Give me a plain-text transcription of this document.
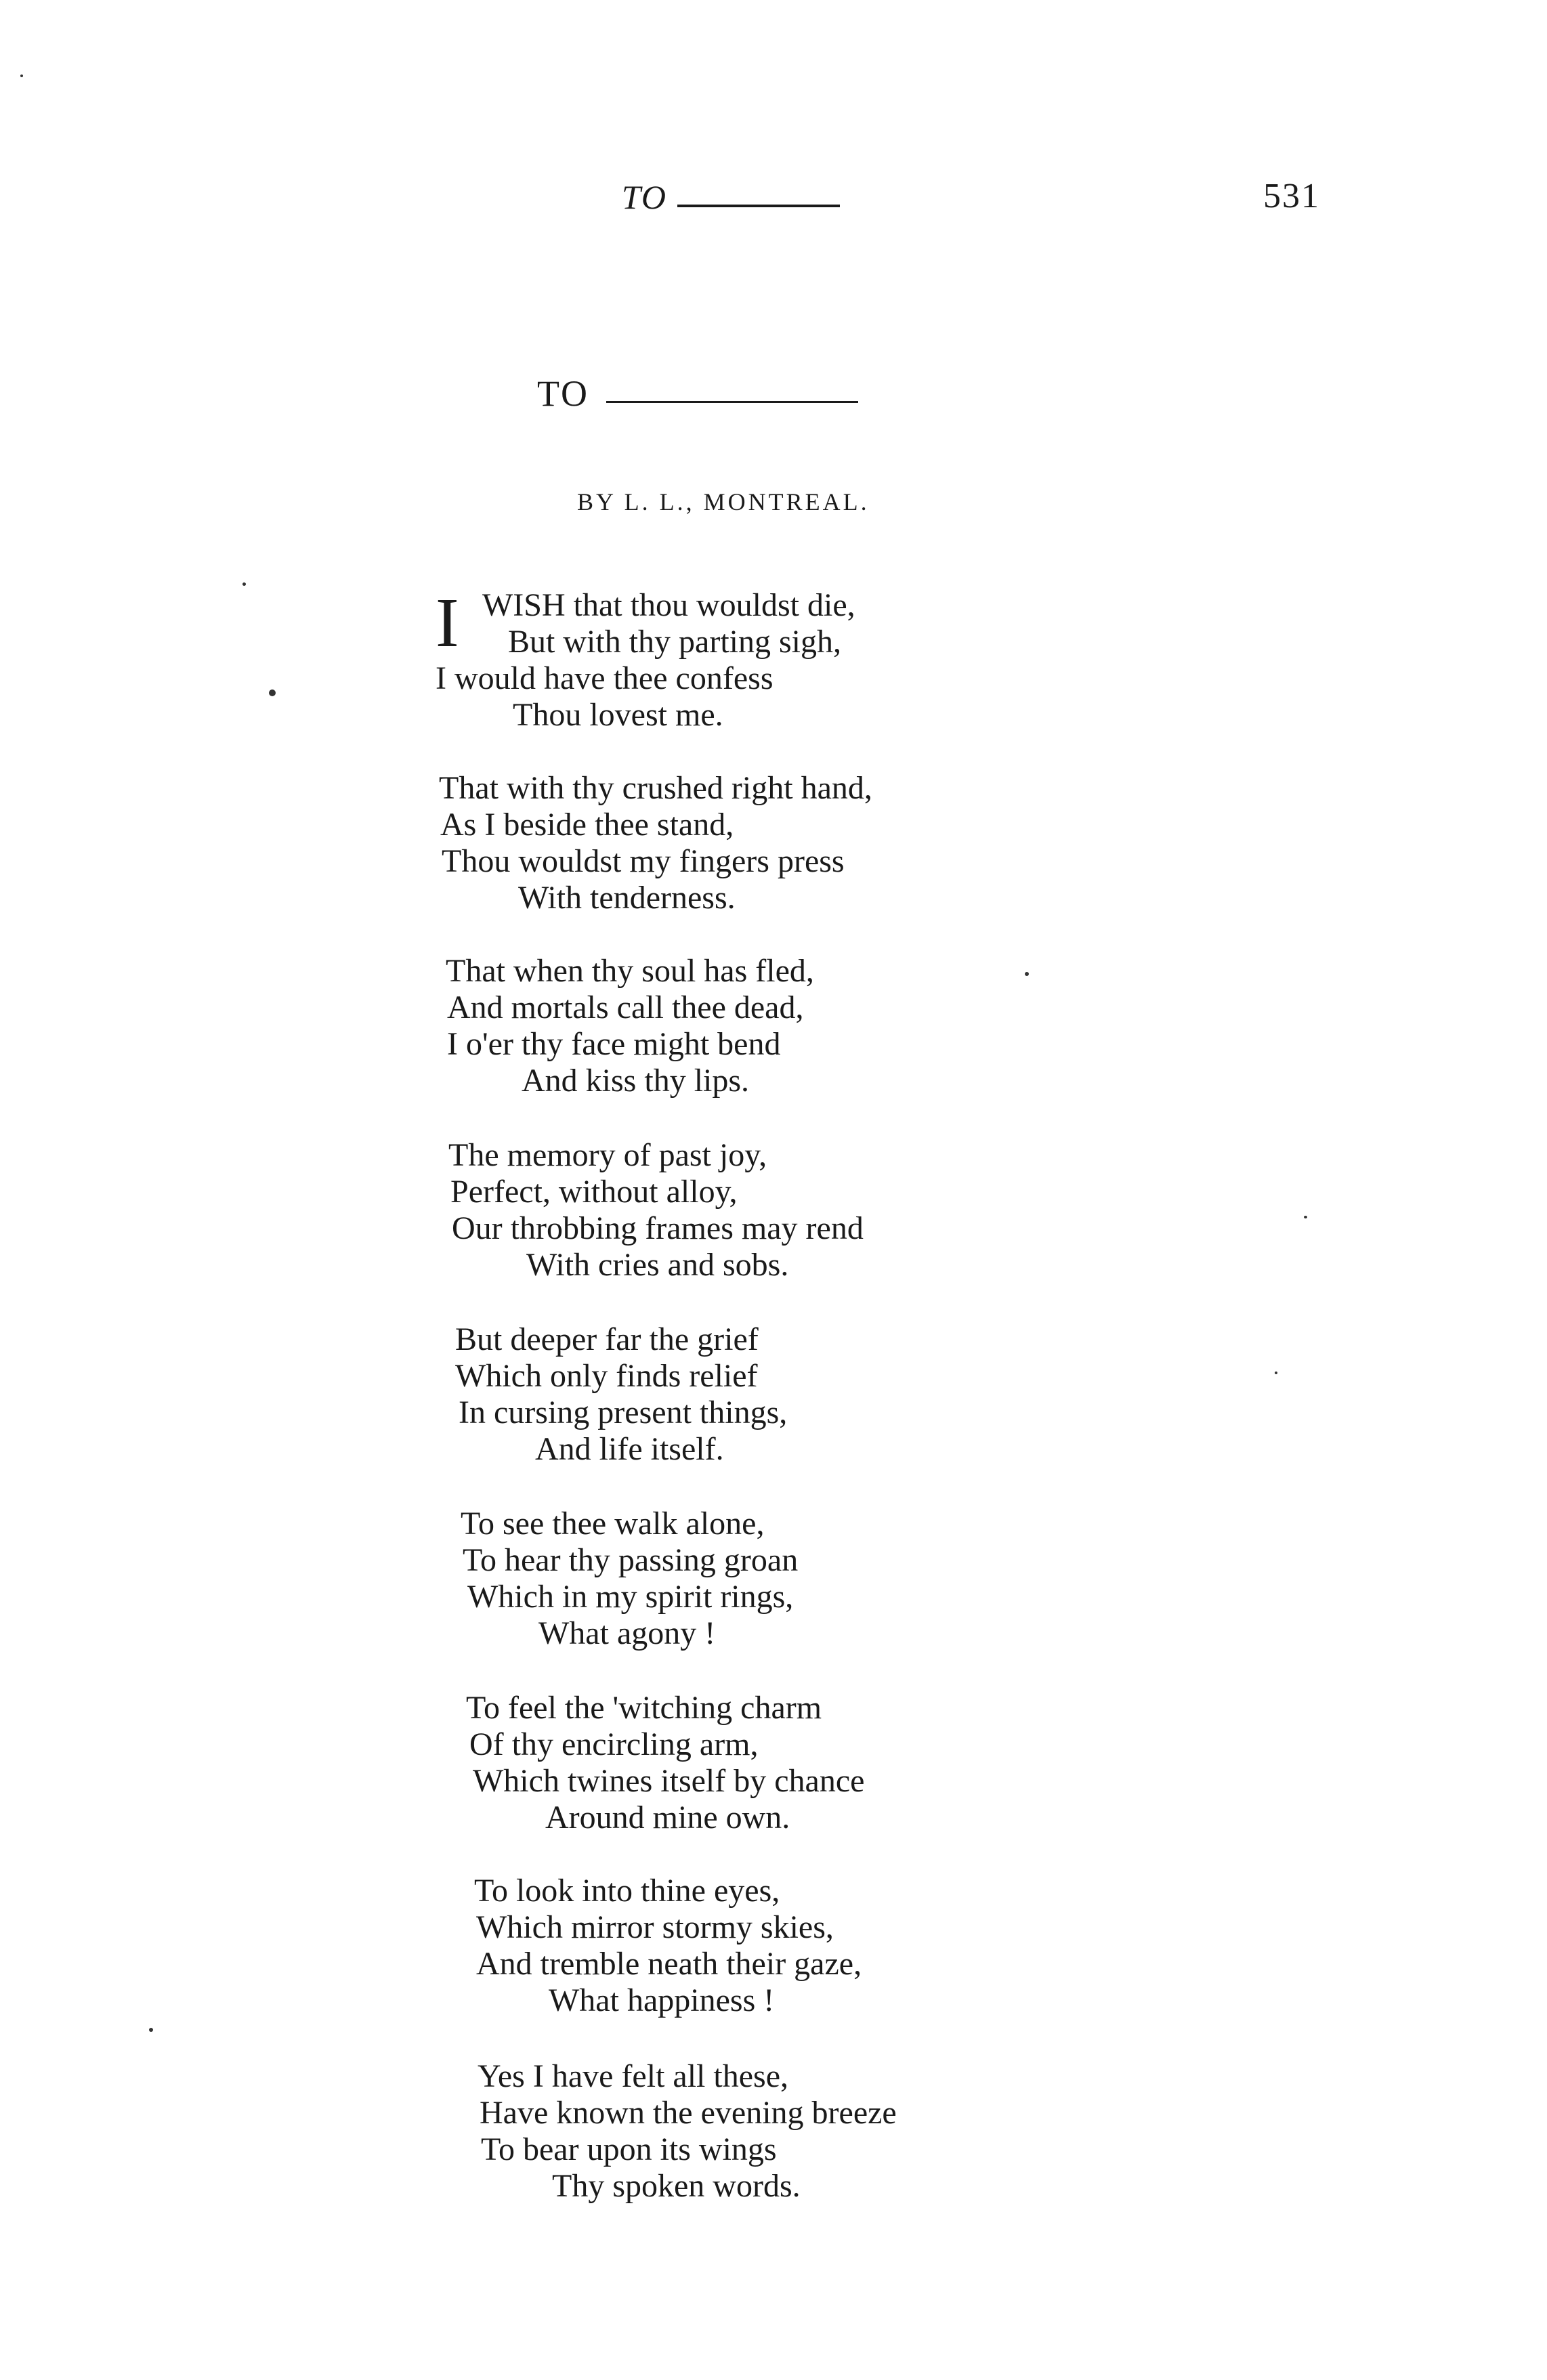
TO	531
TO
BY L. L., MONTREAL.
I WISH that thou wouldst die,
But with thy parting sigh,
I would have thee confess
Thou lovest me.
That with thy crushed right hand,
As I beside thee stand,
Thou wouldst my fingers press
With tenderness.
That when thy soul has fled,
And mortals call thee dead,
I o'er thy face might bend
And kiss thy lips.
The memory of past joy,
Perfect, without alloy,
Our throbbing frames may rend
With cries and sobs.
But deeper far the grief
Which only finds relief
In cursing present things,
And life itself.
To see thee walk alone,
To hear thy passing groan
Which in my spirit rings,
What agony !
To feel the 'witching charm
Of thy encircling arm,
Which twines itself by chance
Around mine own.
To look into thine eyes,
Which mirror stormy skies,
And tremble neath their gaze,
What happiness !
Yes I have felt all these,
Have known the evening breeze
To bear upon its wings
Thy spoken words.
